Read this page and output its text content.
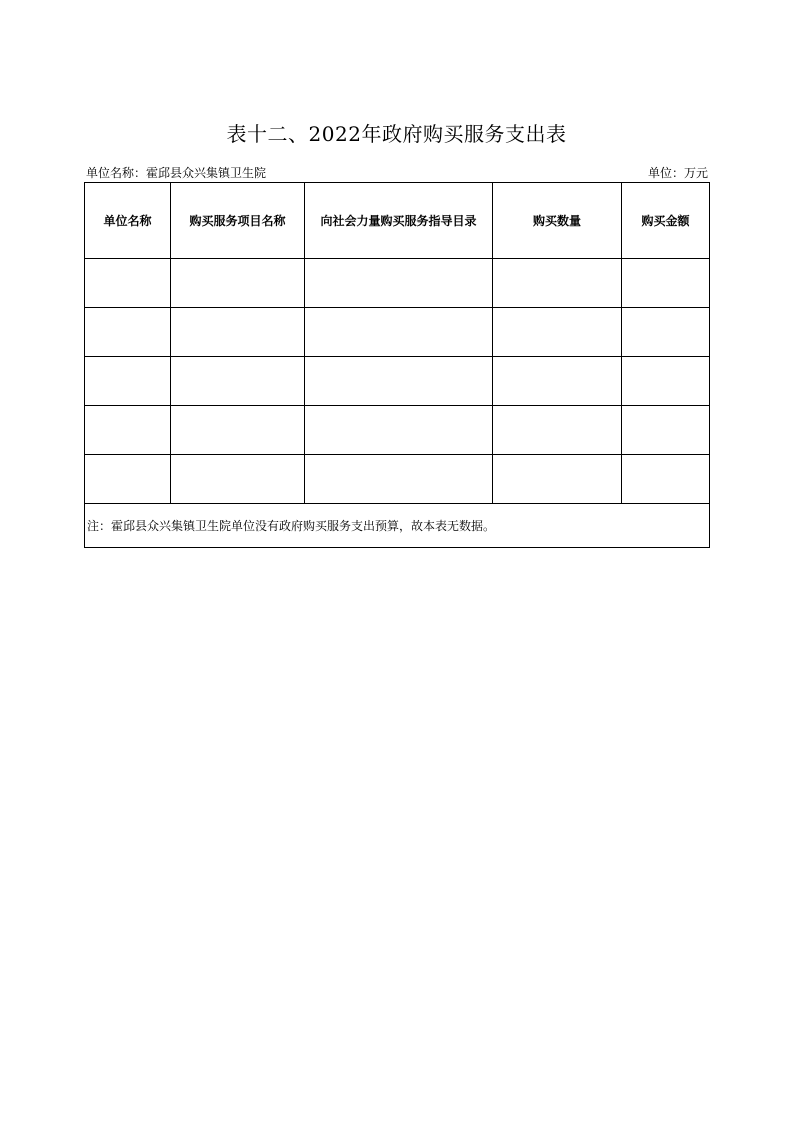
表十二、2022年政府购买服务支出表
单位名称：霍邱县众兴集镇卫生院	单位：万元
单位名称	购买服务项目名称	向社会力量购买服务指导目录	购买数量	购买金额

注：霍邱县众兴集镇卫生院单位没有政府购买服务支出预算，故本表无数据。				
